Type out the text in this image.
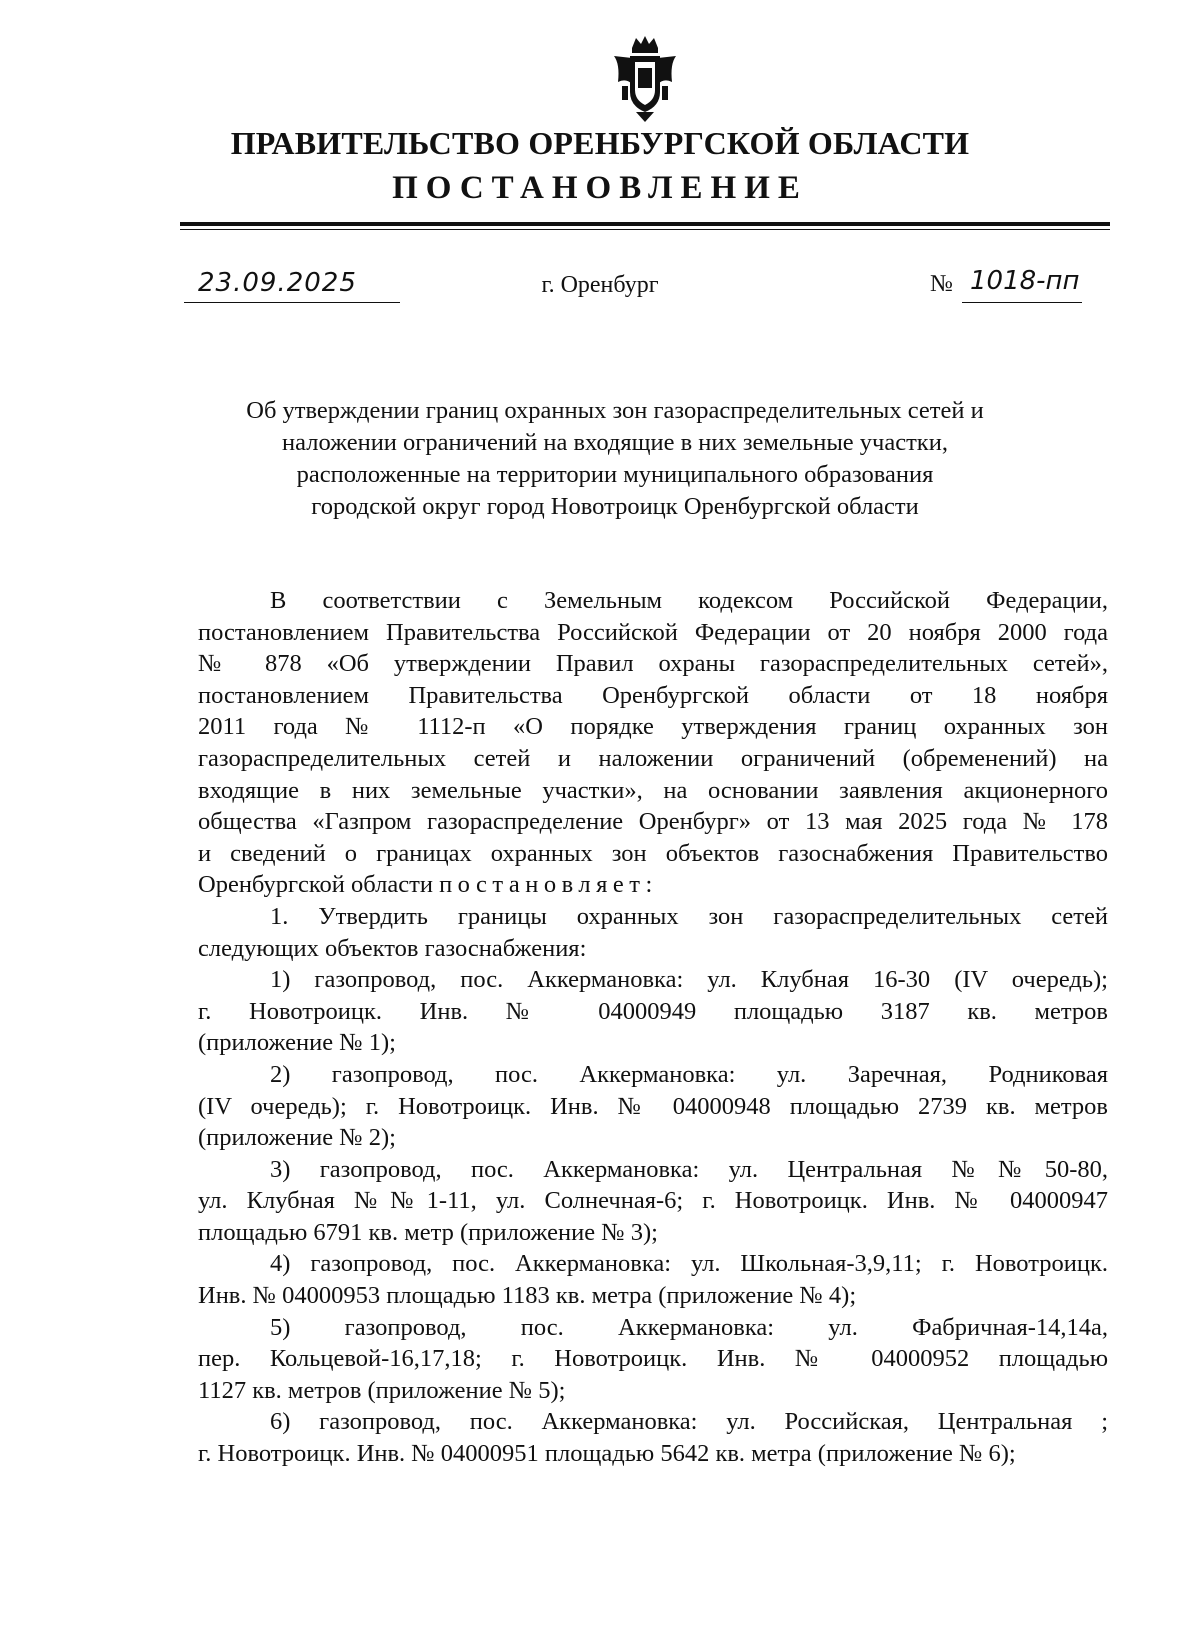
ПРАВИТЕЛЬСТВО ОРЕНБУРГСКОЙ ОБЛАСТИ
ПОСТАНОВЛЕНИЕ
23.09.2025	г. Оренбург	№ 1018-пп
Об утверждении границ охранных зон газораспределительных сетей и
наложении ограничений на входящие в них земельные участки,
расположенные на территории муниципального образования
городской округ город Новотроицк Оренбургской области

В соответствии с Земельным кодексом Российской Федерации,

постановлением Правительства Российской Федерации от 20 ноября 2000 года

№ 878 «Об утверждении Правил охраны газораспределительных сетей»,

постановлением Правительства Оренбургской области от 18 ноября

2011 года № 1112-п «О порядке утверждения границ охранных зон

газораспределительных сетей и наложении ограничений (обременений) на

входящие в них земельные участки», на основании заявления акционерного

общества «Газпром газораспределение Оренбург» от 13 мая 2025 года № 178

и сведений о границах охранных зон объектов газоснабжения Правительство

Оренбургской области постановляет:

1. Утвердить границы охранных зон газораспределительных сетей

следующих объектов газоснабжения:

1) газопровод, пос. Аккермановка: ул. Клубная 16-30 (IV очередь);

г. Новотроицк. Инв. № 04000949 площадью 3187 кв. метров

(приложение № 1);

2) газопровод, пос. Аккермановка: ул. Заречная, Родниковая

(IV очередь); г. Новотроицк. Инв. № 04000948 площадью 2739 кв. метров

(приложение № 2);

3) газопровод, пос. Аккермановка: ул. Центральная №№50-80,

ул. Клубная №№1-11, ул. Солнечная-6; г. Новотроицк. Инв. № 04000947

площадью 6791 кв. метр (приложение № 3);

4) газопровод, пос. Аккермановка: ул. Школьная-3,9,11; г. Новотроицк.

Инв. № 04000953 площадью 1183 кв. метра (приложение № 4);

5) газопровод, пос. Аккермановка: ул. Фабричная-14,14а,

пер. Кольцевой-16,17,18; г. Новотроицк. Инв. № 04000952 площадью

1127 кв. метров (приложение № 5);

6) газопровод, пос. Аккермановка: ул. Российская, Центральная ;

г. Новотроицк. Инв. № 04000951 площадью 5642 кв. метра (приложение № 6);
